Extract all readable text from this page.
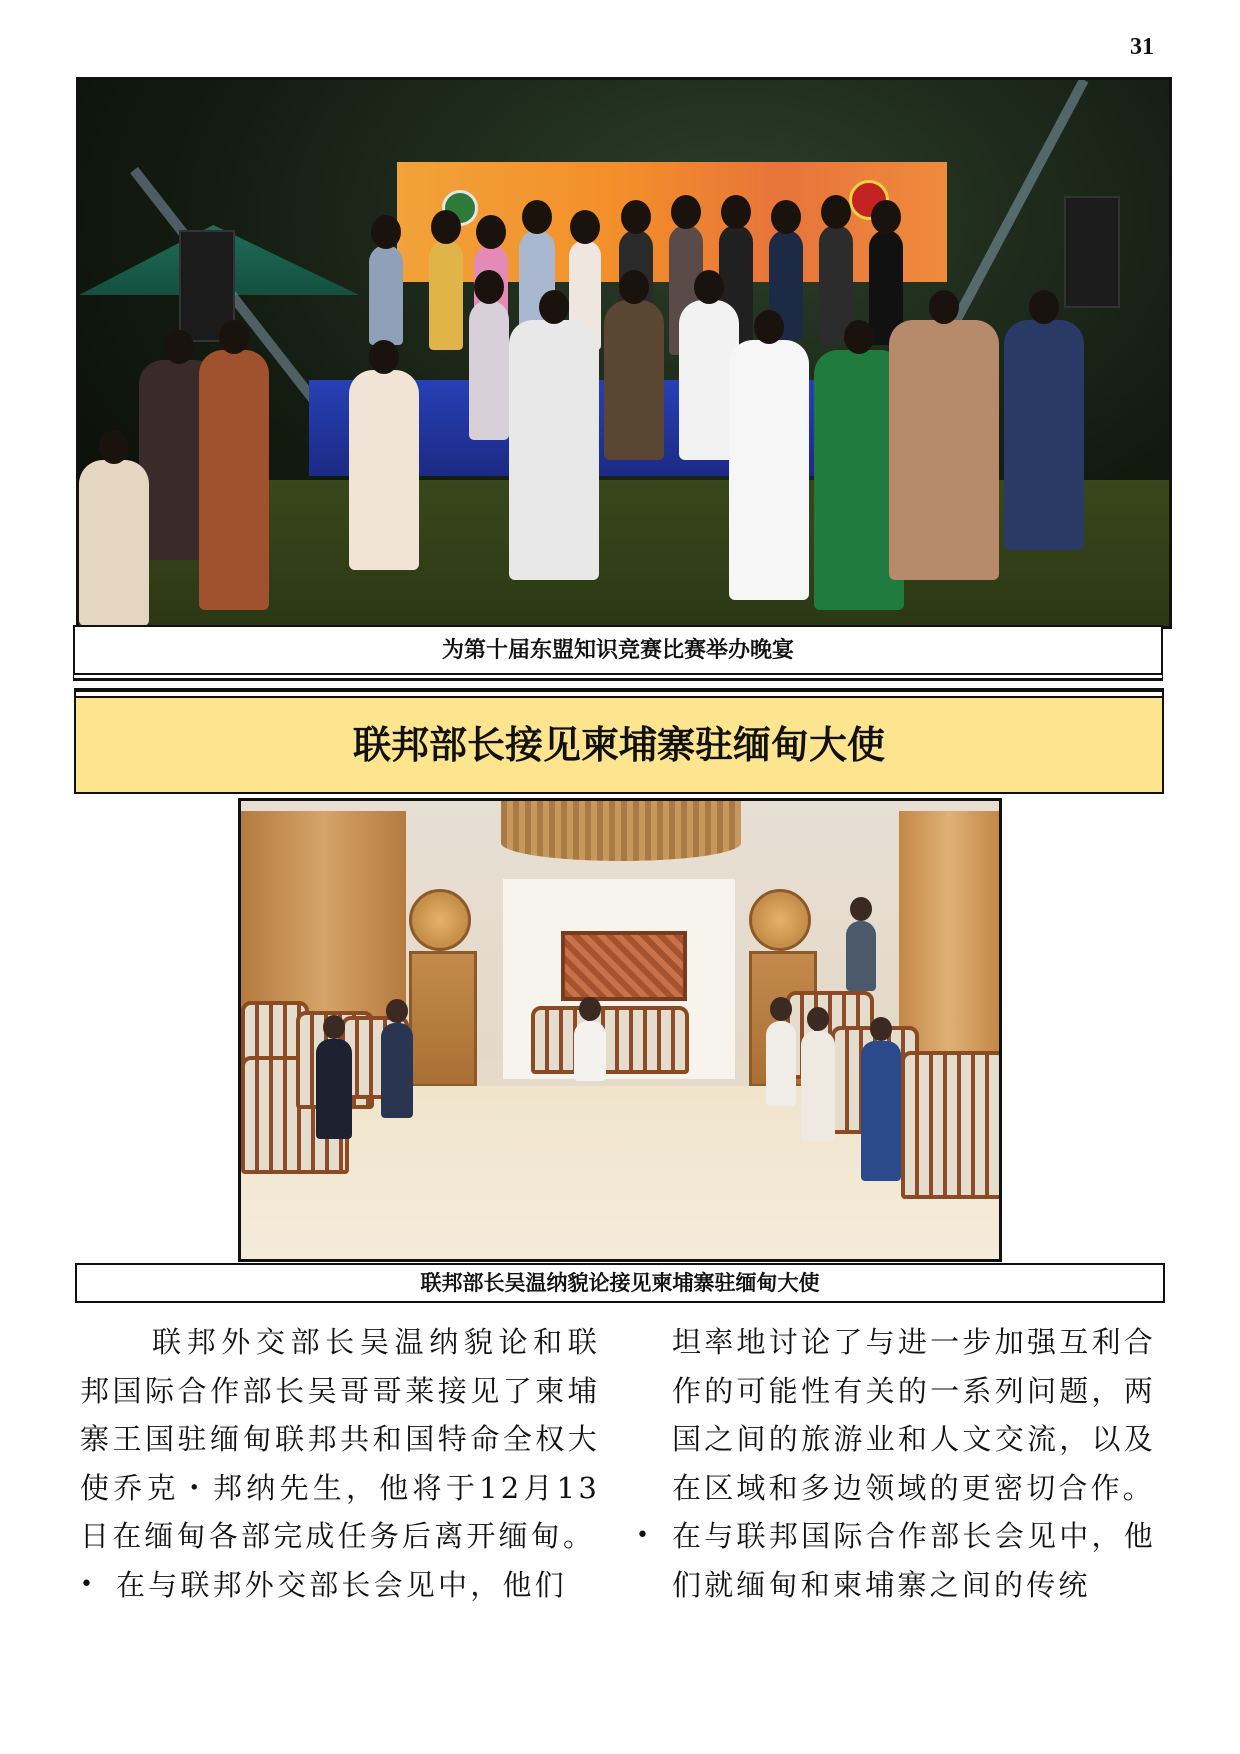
31
为第十届东盟知识竞赛比赛举办晚宴
联邦部长接见柬埔寨驻缅甸大使
联邦部长吴温纳貌论接见柬埔寨驻缅甸大使

联邦外交部长吴温纳貌论和联邦国际合作部长吴哥哥莱接见了柬埔寨王国驻缅甸联邦共和国特命全权大使乔克・邦纳先生，他将于12月13日在缅甸各部完成任务后离开缅甸。

• 在与联邦外交部长会见中，他们

坦率地讨论了与进一步加强互利合作的可能性有关的一系列问题，两国之间的旅游业和人文交流，以及在区域和多边领域的更密切合作。

• 在与联邦国际合作部长会见中，他们就缅甸和柬埔寨之间的传统
